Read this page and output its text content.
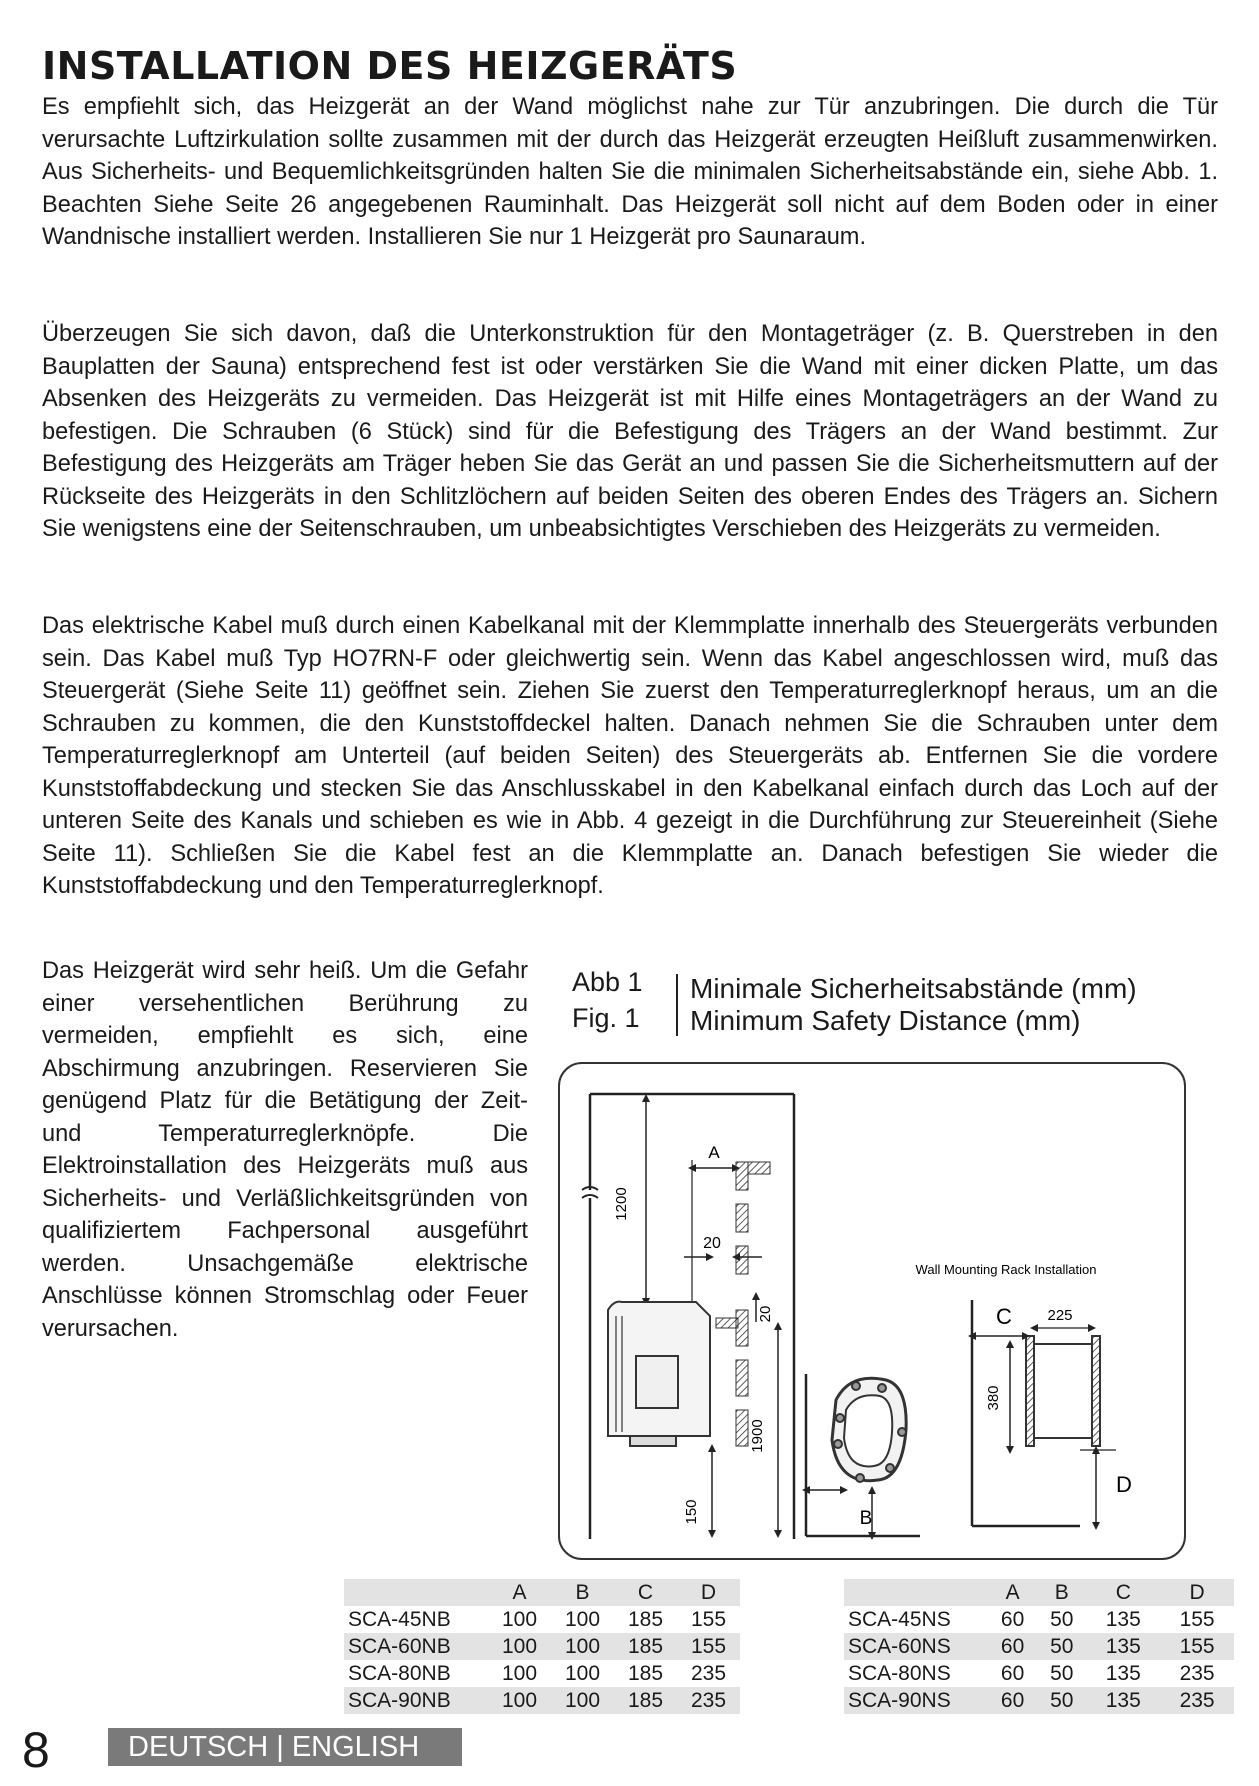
INSTALLATION DES HEIZGERÄTS

Es empfiehlt sich, das Heizgerät an der Wand möglichst nahe zur Tür anzubringen. Die durch die Tür verursachte Luftzirkulation sollte zusammen mit der durch das Heizgerät erzeugten Heißluft zusammenwirken. Aus Sicherheits- und Bequemlichkeitsgründen halten Sie die minimalen Sicherheitsabstände ein, siehe Abb. 1. Beachten Siehe Seite 26 angegebenen Rauminhalt. Das Heizgerät soll nicht auf dem Boden oder in einer Wandnische installiert werden. Installieren Sie nur 1 Heizgerät pro Saunaraum.

Überzeugen Sie sich davon, daß die Unterkonstruktion für den Montageträger (z. B. Querstreben in den Bauplatten der Sauna) entsprechend fest ist oder verstärken Sie die Wand mit einer dicken Platte, um das Absenken des Heizgeräts zu vermeiden. Das Heizgerät ist mit Hilfe eines Montageträgers an der Wand zu befestigen. Die Schrauben (6 Stück) sind für die Befestigung des Trägers an der Wand bestimmt. Zur Befestigung des Heizgeräts am Träger heben Sie das Gerät an und passen Sie die Sicherheitsmuttern auf der Rückseite des Heizgeräts in den Schlitzlöchern auf beiden Seiten des oberen Endes des Trägers an. Sichern Sie wenigstens eine der Seitenschrauben, um unbeabsichtigtes Verschieben des Heizgeräts zu vermeiden.

Das elektrische Kabel muß durch einen Kabelkanal mit der Klemmplatte innerhalb des Steuergeräts verbunden sein. Das Kabel muß Typ HO7RN-F oder gleichwertig sein. Wenn das Kabel angeschlossen wird, muß das Steuergerät (Siehe Seite 11) geöffnet sein. Ziehen Sie zuerst den Temperaturreglerknopf heraus, um an die Schrauben zu kommen, die den Kunststoffdeckel halten. Danach nehmen Sie die Schrauben unter dem Temperaturreglerknopf am Unterteil (auf beiden Seiten) des Steuergeräts ab. Entfernen Sie die vordere Kunststoffabdeckung und stecken Sie das Anschlusskabel in den Kabelkanal einfach durch das Loch auf der unteren Seite des Kanals und schieben es wie in Abb. 4 gezeigt in die Durchführung zur Steuereinheit (Siehe Seite 11). Schließen Sie die Kabel fest an die Klemmplatte an. Danach befestigen Sie wieder die Kunststoffabdeckung und den Temperaturreglerknopf.

Das Heizgerät wird sehr heiß. Um die Gefahr einer versehentlichen Berührung zu vermeiden, empfiehlt es sich, eine Abschirmung anzubringen. Reservieren Sie genügend Platz für die Betätigung der Zeit- und Temperaturreglerknöpfe. Die Elektroinstallation des Heizgeräts muß aus Sicherheits- und Verläßlichkeitsgründen von qualifiziertem Fachpersonal ausgeführt werden. Unsachgemäße elektrische Anschlüsse können Stromschlag oder Feuer verursachen.

Abb 1
Fig. 1
Minimale Sicherheitsabstände (mm)
Minimum Safety Distance (mm)
1200
A
20
20
1900
150	B
Wall Mounting Rack Installation
C 225
380
D
	A	B	C	D
SCA-45NB	100	100	185	155
SCA-60NB	100	100	185	155
SCA-80NB	100	100	185	235
SCA-90NB	100	100	185	235
	A	B	C	D
SCA-45NS	60	50	135	155
SCA-60NS	60	50	135	155
SCA-80NS	60	50	135	235
SCA-90NS	60	50	135	235
8	DEUTSCH | ENGLISH
